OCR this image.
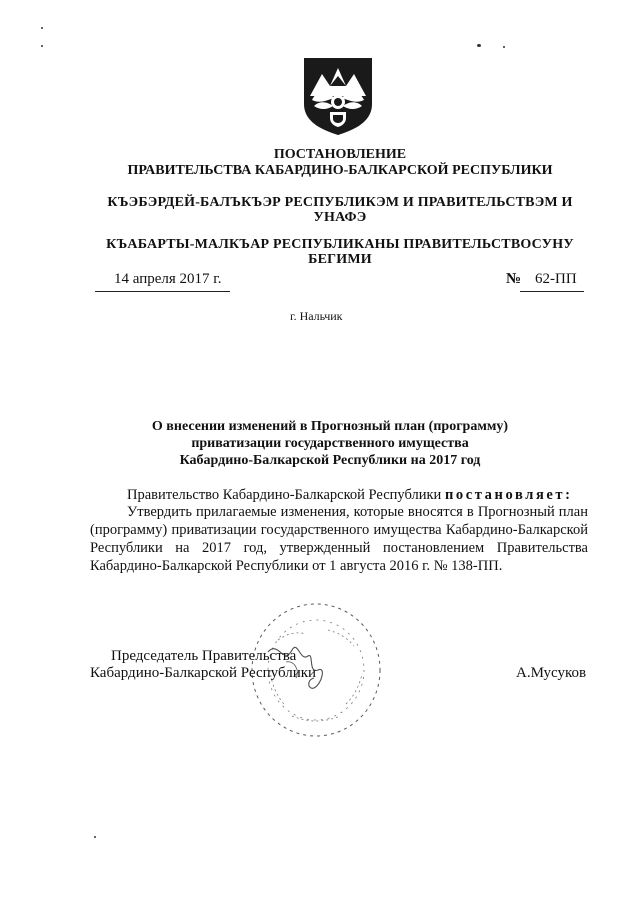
ПОСТАНОВЛЕНИЕ
ПРАВИТЕЛЬСТВА КАБАРДИНО-БАЛКАРСКОЙ РЕСПУБЛИКИ
КЪЭБЭРДЕЙ-БАЛЪКЪЭР РЕСПУБЛИКЭМ И ПРАВИТЕЛЬСТВЭМ И
УНАФЭ
КЪАБАРТЫ-МАЛКЪАР РЕСПУБЛИКАНЫ ПРАВИТЕЛЬСТВОСУНУ
БЕГИМИ
14 апреля 2017 г.	№ 62-ПП
г. Нальчик
О внесении изменений в Прогнозный план (программу)
приватизации государственного имущества
Кабардино-Балкарской Республики на 2017 год
Правительство Кабардино-Балкарской Республики постановляет:
Утвердить прилагаемые изменения, которые вносятся в Прогнозный план (программу) приватизации государственного имущества Кабардино-Балкарской Республики на 2017 год, утвержденный постановлением Правительства Кабардино-Балкарской Республики от 1 августа 2016 г. № 138-ПП.
Председатель Правительства
Кабардино-Балкарской Республики	А.Мусуков
